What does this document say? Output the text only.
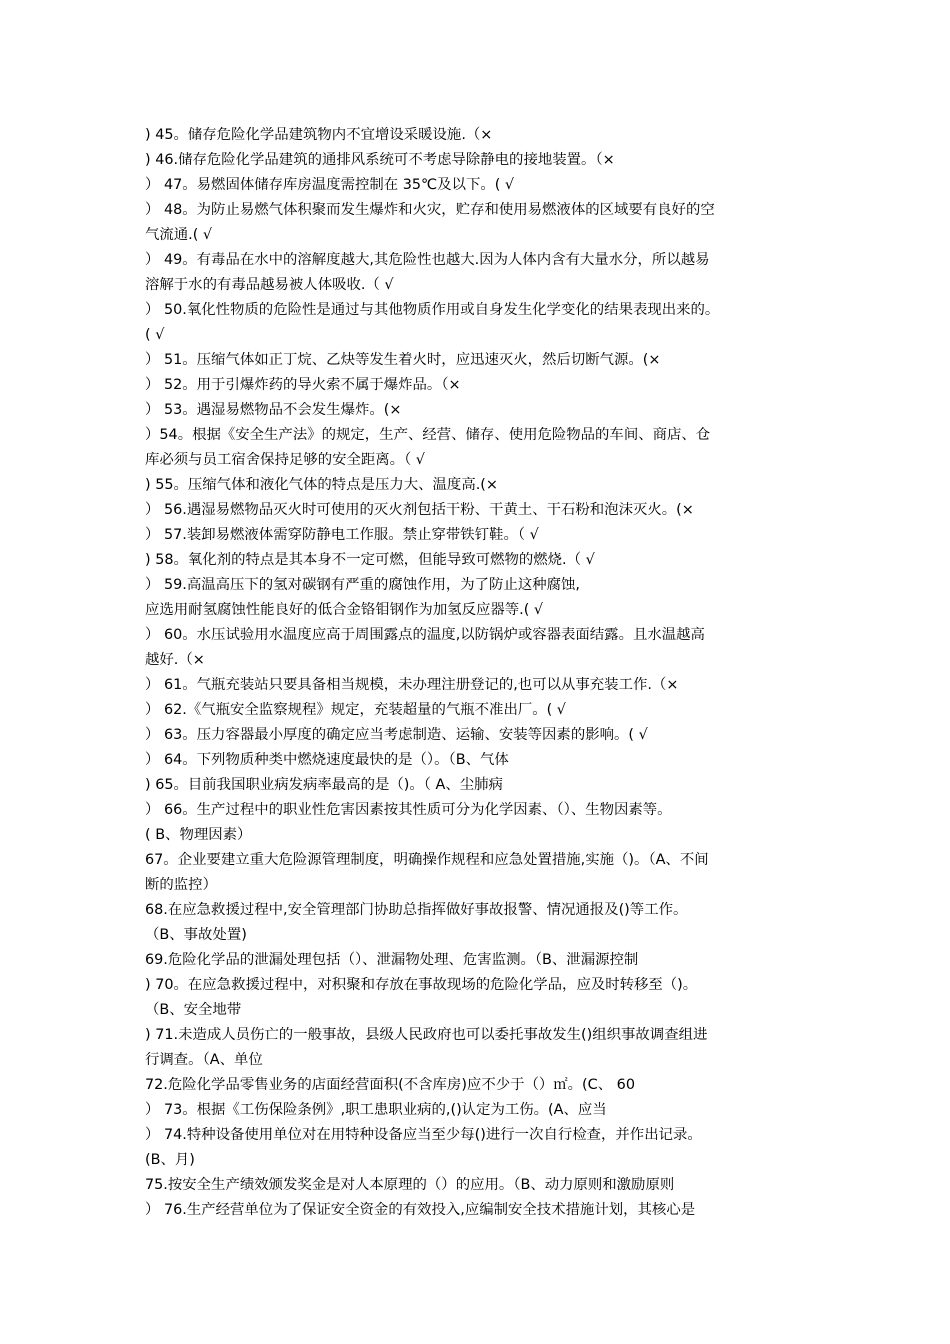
) 45。储存危险化学品建筑物内不宜增设采暖设施.（×
) 46.储存危险化学品建筑的通排风系统可不考虑导除静电的接地装置。（×
） 47。易燃固体储存库房温度需控制在 35℃及以下。( √
） 48。为防止易燃气体积聚而发生爆炸和火灾，贮存和使用易燃液体的区域要有良好的空
气流通.( √
） 49。有毒品在水中的溶解度越大,其危险性也越大.因为人体内含有大量水分，所以越易
溶解于水的有毒品越易被人体吸收.（ √
） 50.氧化性物质的危险性是通过与其他物质作用或自身发生化学变化的结果表现出来的。
( √
） 51。压缩气体如正丁烷、乙炔等发生着火时，应迅速灭火，然后切断气源。(×
） 52。用于引爆炸药的导火索不属于爆炸品。（×
） 53。遇湿易燃物品不会发生爆炸。(×
）54。根据《安全生产法》的规定，生产、经营、储存、使用危险物品的车间、商店、仓
库必须与员工宿舍保持足够的安全距离。（ √
) 55。压缩气体和液化气体的特点是压力大、温度高.(×
） 56.遇湿易燃物品灭火时可使用的灭火剂包括干粉、干黄土、干石粉和泡沫灭火。(×
） 57.装卸易燃液体需穿防静电工作服。禁止穿带铁钉鞋。（ √
) 58。氧化剂的特点是其本身不一定可燃，但能导致可燃物的燃烧.（ √
） 59.高温高压下的氢对碳钢有严重的腐蚀作用，为了防止这种腐蚀,
应选用耐氢腐蚀性能良好的低合金铬钼钢作为加氢反应器等.( √
） 60。水压试验用水温度应高于周围露点的温度,以防锅炉或容器表面结露。且水温越高
越好.（×
） 61。气瓶充装站只要具备相当规模，未办理注册登记的,也可以从事充装工作.（×
） 62.《气瓶安全监察规程》规定，充装超量的气瓶不准出厂。( √
） 63。压力容器最小厚度的确定应当考虑制造、运输、安装等因素的影响。( √
） 64。下列物质种类中燃烧速度最快的是（）。（B、气体
) 65。目前我国职业病发病率最高的是（)。（ A、尘肺病
） 66。生产过程中的职业性危害因素按其性质可分为化学因素、（）、生物因素等。
( B、物理因素）
67。企业要建立重大危险源管理制度，明确操作规程和应急处置措施,实施（)。（A、不间
断的监控）
68.在应急救援过程中,安全管理部门协助总指挥做好事故报警、情况通报及()等工作。
（B、事故处置)
69.危险化学品的泄漏处理包括（）、泄漏物处理、危害监测。（B、泄漏源控制
) 70。在应急救援过程中，对积聚和存放在事故现场的危险化学品，应及时转移至（)。
（B、安全地带
) 71.未造成人员伤亡的一般事故，县级人民政府也可以委托事故发生()组织事故调查组进
行调查。（A、单位
72.危险化学品零售业务的店面经营面积(不含库房)应不少于（）㎡。(C、 60
） 73。根据《工伤保险条例》,职工患职业病的,()认定为工伤。(A、应当
） 74.特种设备使用单位对在用特种设备应当至少每()进行一次自行检查，并作出记录。
(B、月)
75.按安全生产绩效颁发奖金是对人本原理的（）的应用。（B、动力原则和激励原则
） 76.生产经营单位为了保证安全资金的有效投入,应编制安全技术措施计划，其核心是
